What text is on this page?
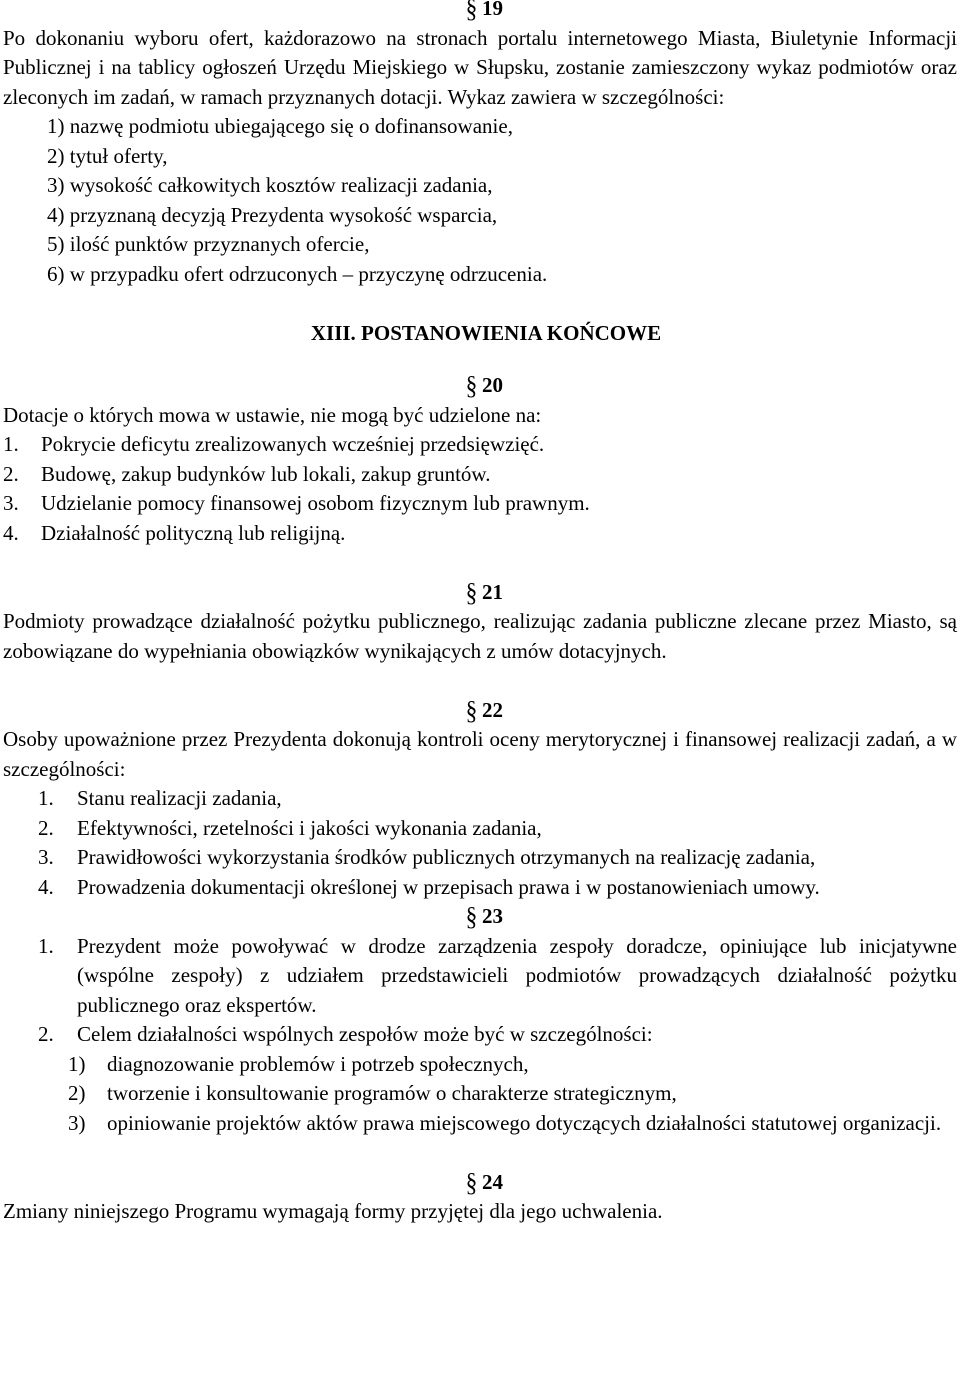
§ 19

Po dokonaniu wyboru ofert, każdorazowo na stronach portalu internetowego Miasta, Biuletynie Informacji Publicznej i na tablicy ogłoszeń Urzędu Miejskiego w Słupsku, zostanie zamieszczony wykaz podmiotów oraz zleconych im zadań, w ramach przyznanych dotacji. Wykaz zawiera w szczególności:

1) nazwę podmiotu ubiegającego się o dofinansowanie,
2) tytuł oferty,
3) wysokość całkowitych kosztów realizacji zadania,
4) przyznaną decyzją Prezydenta wysokość wsparcia,
5) ilość punktów przyznanych ofercie,
6) w przypadku ofert odrzuconych – przyczynę odrzucenia.
XIII. POSTANOWIENIA KOŃCOWE
§ 20

Dotacje o których mowa w ustawie, nie mogą być udzielone na:

1. Pokrycie deficytu zrealizowanych wcześniej przedsięwzięć.
2. Budowę, zakup budynków lub lokali, zakup gruntów.
3. Udzielanie pomocy finansowej osobom fizycznym lub prawnym.
4. Działalność polityczną lub religijną.
§ 21

Podmioty prowadzące działalność pożytku publicznego, realizując zadania publiczne zlecane przez Miasto, są zobowiązane do wypełniania obowiązków wynikających z umów dotacyjnych.

§ 22

Osoby upoważnione przez Prezydenta dokonują kontroli oceny merytorycznej i finansowej realizacji zadań, a w szczególności:

1. Stanu realizacji zadania,
2. Efektywności, rzetelności i jakości wykonania zadania,
3. Prawidłowości wykorzystania środków publicznych otrzymanych na realizację zadania,
4. Prowadzenia dokumentacji określonej w przepisach prawa i w postanowieniach umowy.
§ 23
1. Prezydent może powoływać w drodze zarządzenia zespoły doradcze, opiniujące lub inicjatywne (wspólne zespoły) z udziałem przedstawicieli podmiotów prowadzących działalność pożytku publicznego oraz ekspertów.
2. Celem działalności wspólnych zespołów może być w szczególności:
1) diagnozowanie problemów i potrzeb społecznych,
2) tworzenie i konsultowanie programów o charakterze strategicznym,
3) opiniowanie projektów aktów prawa miejscowego dotyczących działalności statutowej organizacji.
§ 24

Zmiany niniejszego Programu wymagają formy przyjętej dla jego uchwalenia.
